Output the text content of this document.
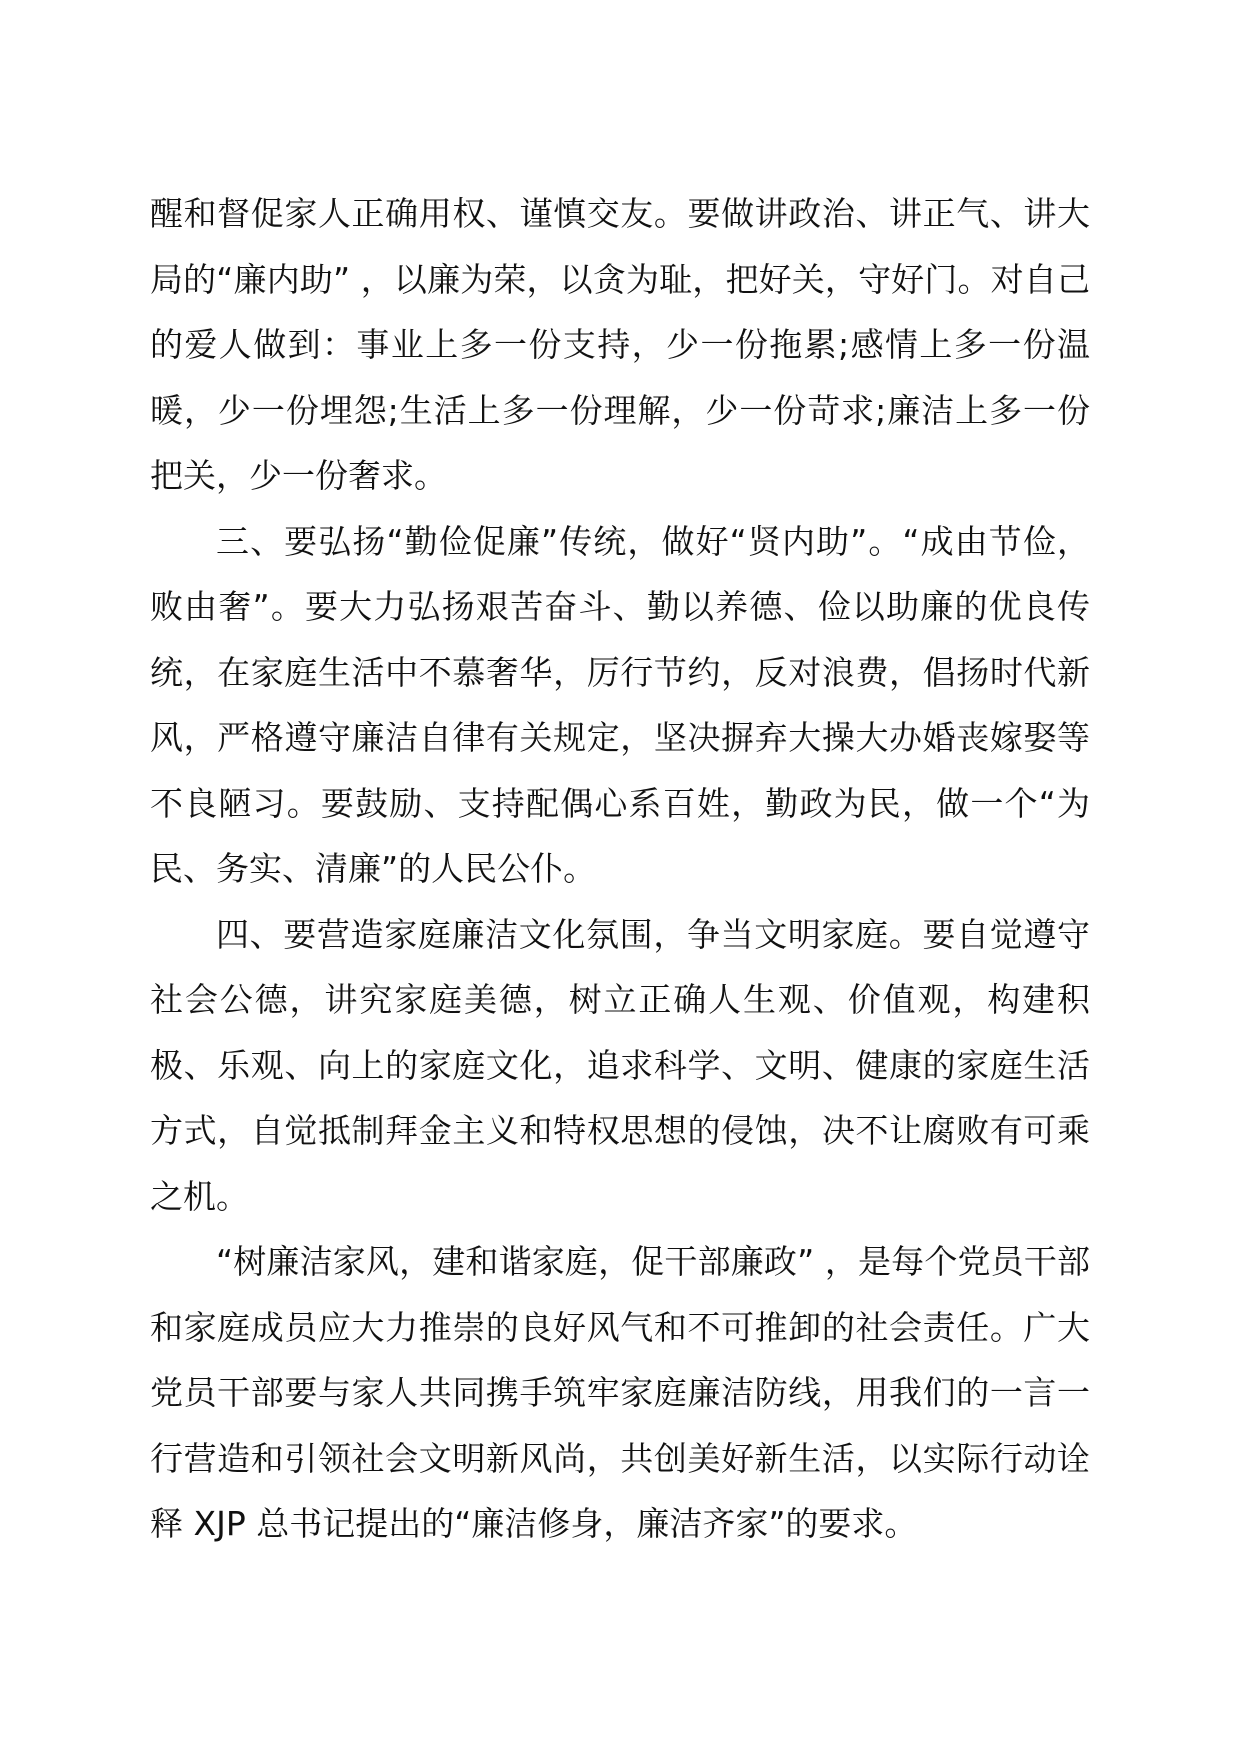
醒和督促家人正确用权、谨慎交友。要做讲政治、讲正气、讲大局的“廉内助” ，以廉为荣，以贪为耻，把好关，守好门。对自己的爱人做到：事业上多一份支持，少一份拖累;感情上多一份温暖，少一份埋怨;生活上多一份理解，少一份苛求;廉洁上多一份把关，少一份奢求。

三、要弘扬“勤俭促廉”传统，做好“贤内助”。“成由节俭，败由奢”。要大力弘扬艰苦奋斗、勤以养德、俭以助廉的优良传统，在家庭生活中不慕奢华，厉行节约，反对浪费，倡扬时代新风，严格遵守廉洁自律有关规定，坚决摒弃大操大办婚丧嫁娶等不良陋习。要鼓励、支持配偶心系百姓，勤政为民，做一个“为民、务实、清廉”的人民公仆。

四、要营造家庭廉洁文化氛围，争当文明家庭。要自觉遵守社会公德，讲究家庭美德，树立正确人生观、价值观，构建积极、乐观、向上的家庭文化，追求科学、文明、健康的家庭生活方式，自觉抵制拜金主义和特权思想的侵蚀，决不让腐败有可乘之机。

“树廉洁家风，建和谐家庭，促干部廉政” ，是每个党员干部和家庭成员应大力推崇的良好风气和不可推卸的社会责任。广大党员干部要与家人共同携手筑牢家庭廉洁防线，用我们的一言一行营造和引领社会文明新风尚，共创美好新生活，以实际行动诠释 XJP 总书记提出的“廉洁修身，廉洁齐家”的要求。
